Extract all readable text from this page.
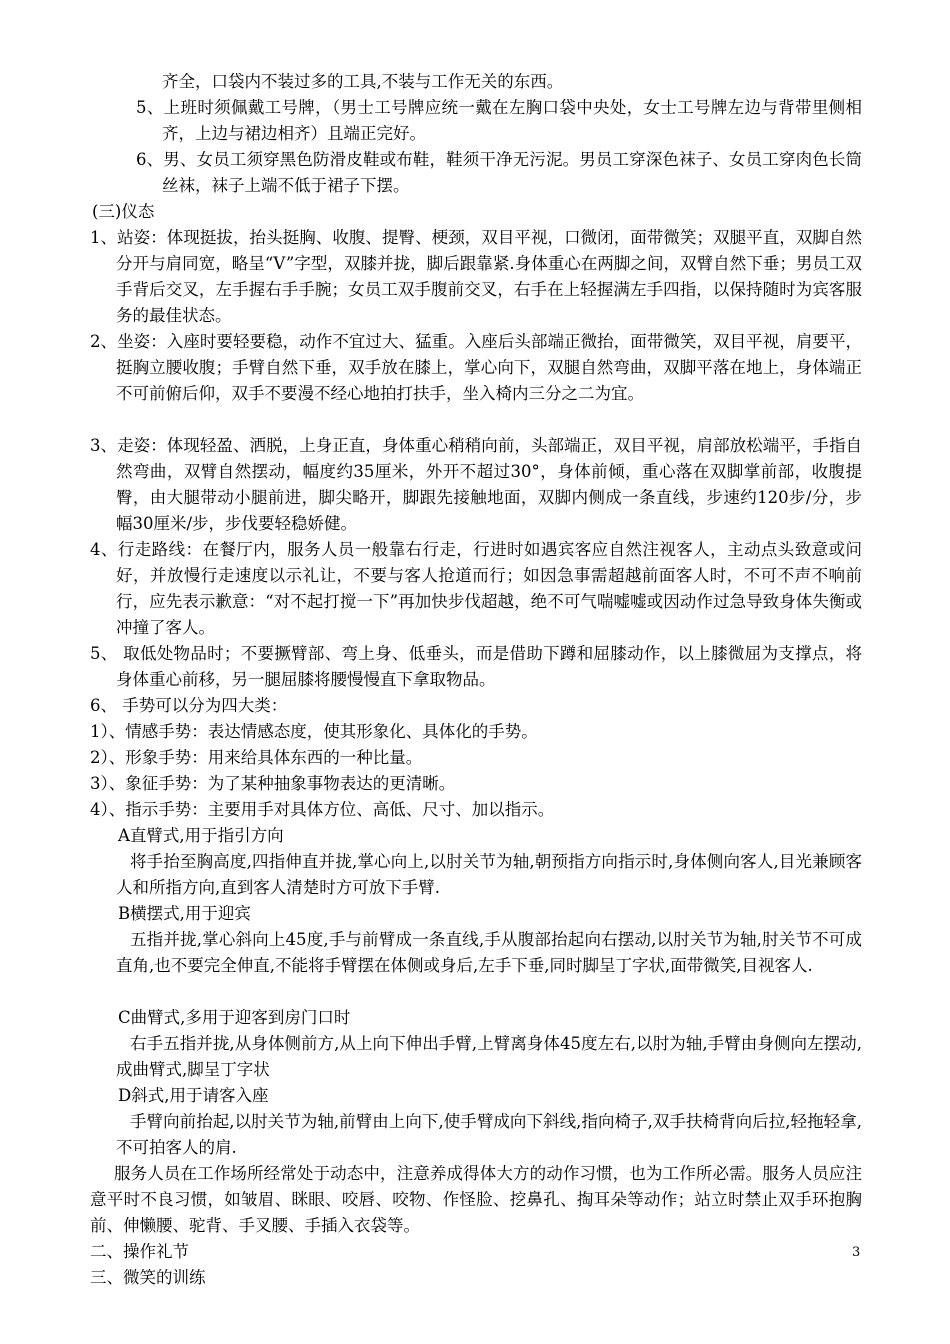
齐全，口袋内不装过多的工具,不装与工作无关的东西。

5、上班时须佩戴工号牌，（男士工号牌应统一戴在左胸口袋中央处，女士工号牌左边与背带里侧相齐，上边与裙边相齐）且端正完好。

6、男、女员工须穿黑色防滑皮鞋或布鞋，鞋须干净无污泥。男员工穿深色袜子、女员工穿肉色长筒丝袜，袜子上端不低于裙子下摆。

(三)仪态

1、站姿：体现挺拔，抬头挺胸、收腹、提臀、梗颈，双目平视，口微闭，面带微笑；双腿平直，双脚自然分开与肩同宽，略呈“V”字型，双膝并拢，脚后跟靠紧.身体重心在两脚之间，双臂自然下垂；男员工双手背后交叉，左手握右手手腕；女员工双手腹前交叉，右手在上轻握满左手四指，以保持随时为宾客服务的最佳状态。

2、坐姿：入座时要轻要稳，动作不宜过大、猛重。入座后头部端正微抬，面带微笑，双目平视，肩要平，挺胸立腰收腹；手臂自然下垂，双手放在膝上，掌心向下，双腿自然弯曲，双脚平落在地上，身体端正不可前俯后仰，双手不要漫不经心地拍打扶手，坐入椅内三分之二为宜。

3、走姿：体现轻盈、洒脱，上身正直，身体重心稍稍向前，头部端正，双目平视，肩部放松端平，手指自然弯曲，双臂自然摆动，幅度约35厘米，外开不超过30°，身体前倾，重心落在双脚掌前部，收腹提臀，由大腿带动小腿前进，脚尖略开，脚跟先接触地面，双脚内侧成一条直线，步速约120步/分，步幅30厘米/步，步伐要轻稳娇健。

4、行走路线：在餐厅内，服务人员一般靠右行走，行进时如遇宾客应自然注视客人，主动点头致意或问好，并放慢行走速度以示礼让，不要与客人抢道而行；如因急事需超越前面客人时，不可不声不响前行，应先表示歉意：“对不起打搅一下”再加快步伐超越，绝不可气喘嘘嘘或因动作过急导致身体失衡或冲撞了客人。

5、 取低处物品时；不要撅臂部、弯上身、低垂头，而是借助下蹲和屈膝动作，以上膝微屈为支撑点，将身体重心前移，另一腿屈膝将腰慢慢直下拿取物品。

6、 手势可以分为四大类：

1）、情感手势：表达情感态度，使其形象化、具体化的手势。

2）、形象手势：用来给具体东西的一种比量。

3）、象征手势：为了某种抽象事物表达的更清晰。

4）、指示手势：主要用手对具体方位、高低、尺寸、加以指示。

A直臂式,用于指引方向

将手抬至胸高度,四指伸直并拢,掌心向上,以肘关节为轴,朝预指方向指示时,身体侧向客人,目光兼顾客人和所指方向,直到客人清楚时方可放下手臂.

B横摆式,用于迎宾

五指并拢,掌心斜向上45度,手与前臂成一条直线,手从腹部抬起向右摆动,以肘关节为轴,肘关节不可成直角,也不要完全伸直,不能将手臂摆在体侧或身后,左手下垂,同时脚呈丁字状,面带微笑,目视客人.

C曲臂式,多用于迎客到房门口时

右手五指并拢,从身体侧前方,从上向下伸出手臂,上臂离身体45度左右,以肘为轴,手臂由身侧向左摆动,成曲臂式,脚呈丁字状

D斜式,用于请客入座

手臂向前抬起,以肘关节为轴,前臂由上向下,使手臂成向下斜线,指向椅子,双手扶椅背向后拉,轻拖轻拿,不可拍客人的肩.

服务人员在工作场所经常处于动态中，注意养成得体大方的动作习惯，也为工作所必需。服务人员应注意平时不良习惯，如皱眉、眯眼、咬唇、咬物、作怪脸、挖鼻孔、掏耳朵等动作；站立时禁止双手环抱胸前、伸懒腰、驼背、手叉腰、手插入衣袋等。

二、操作礼节

三、微笑的训练

3
